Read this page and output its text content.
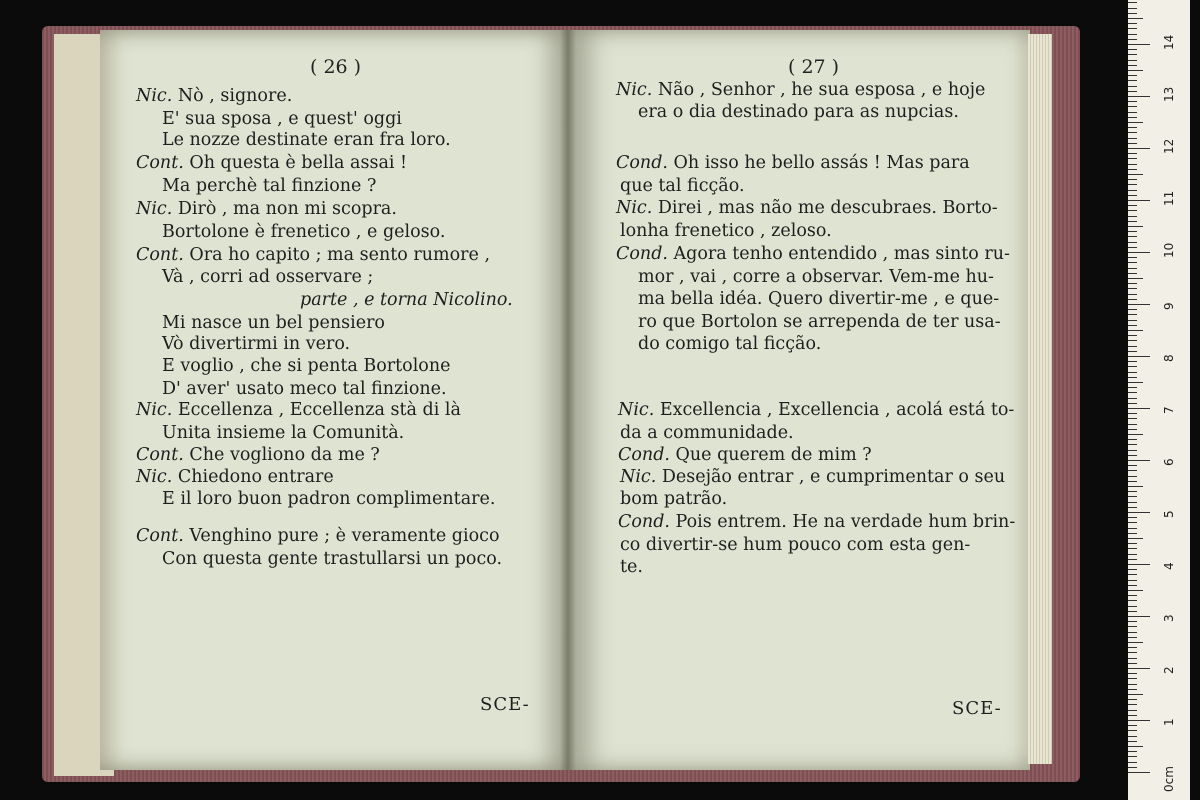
( 26 )
SCE-
Nic. Nò , signore.
E' sua sposa , e quest' oggi
Le nozze destinate eran fra loro.
Cont. Oh questa è bella assai !
Ma perchè tal finzione ?
Nic. Dirò , ma non mi scopra.
Bortolone è frenetico , e geloso.
Cont. Ora ho capito ; ma sento rumore ,
Và , corri ad osservare ;
parte , e torna Nicolino.
Mi nasce un bel pensiero
Vò divertirmi in vero.
E voglio , che si penta Bortolone
D' aver' usato meco tal finzione.
Nic. Eccellenza , Eccellenza stà di là
Unita insieme la Comunità.
Cont. Che vogliono da me ?
Nic. Chiedono entrare
E il loro buon padron complimentare.
Cont. Venghino pure ; è veramente gioco
Con questa gente trastullarsi un poco.
( 27 )
SCE-
Nic. Não , Senhor , he sua esposa , e hoje
era o dia destinado para as nupcias.
Cond. Oh isso he bello assás ! Mas para
que tal ficção.
Nic. Direi , mas não me descubraes. Borto-
lonha frenetico , zeloso.
Cond. Agora tenho entendido , mas sinto ru-
mor , vai , corre a observar. Vem-me hu-
ma bella idéa. Quero divertir-me , e que-
ro que Bortolon se arrependa de ter usa-
do comigo tal ficção.
Nic. Excellencia , Excellencia , acolá está to-
da a communidade.
Cond. Que querem de mim ?
Nic. Desejão entrar , e cumprimentar o seu
bom patrão.
Cond. Pois entrem. He na verdade hum brin-
co divertir-se hum pouco com esta gen-
te.
0cm
1
2
3
4
5
6
7
8
9
10
11
12
13
14
